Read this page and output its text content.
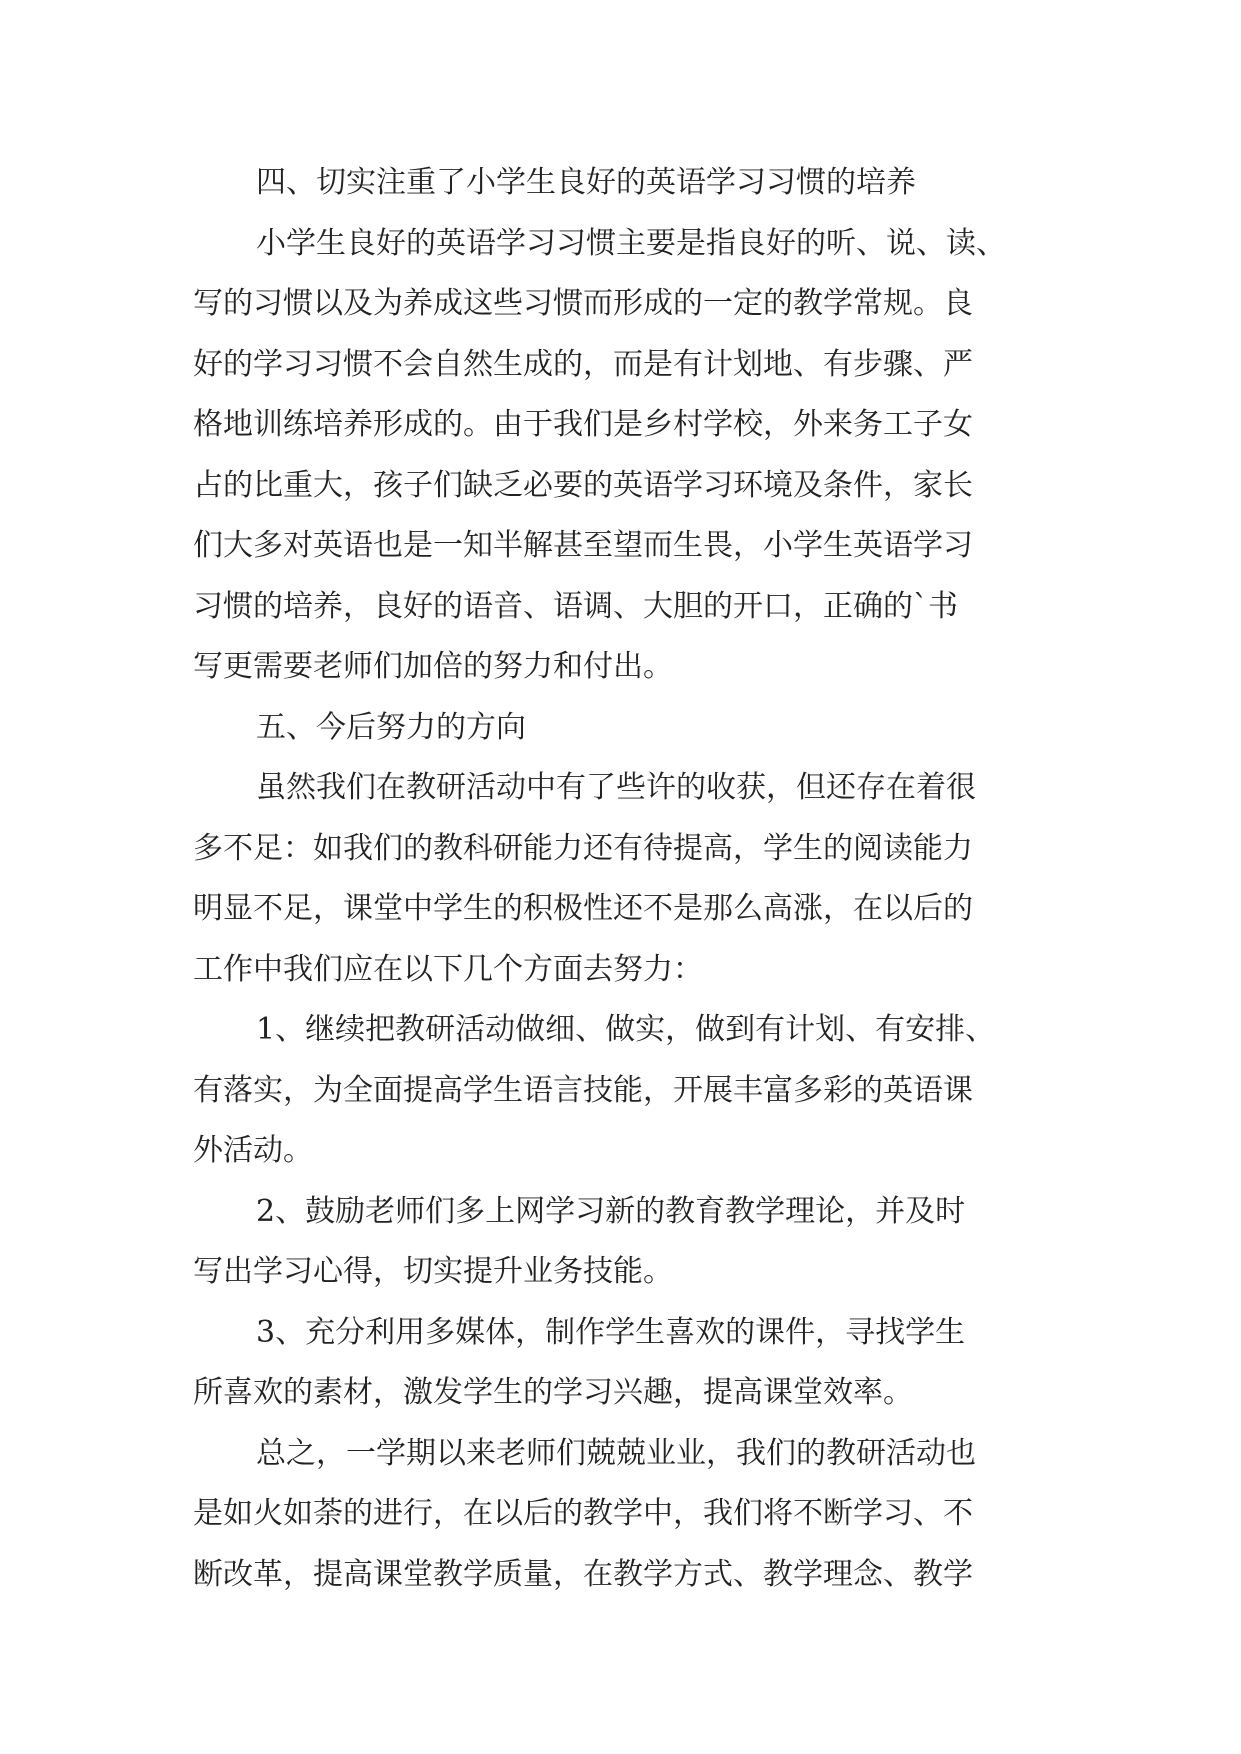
四、切实注重了小学生良好的英语学习习惯的培养
小学生良好的英语学习习惯主要是指良好的听、说、读、
写的习惯以及为养成这些习惯而形成的一定的教学常规。良
好的学习习惯不会自然生成的，而是有计划地、有步骤、严
格地训练培养形成的。由于我们是乡村学校，外来务工子女
占的比重大，孩子们缺乏必要的英语学习环境及条件，家长
们大多对英语也是一知半解甚至望而生畏，小学生英语学习
习惯的培养，良好的语音、语调、大胆的开口，正确的`书
写更需要老师们加倍的努力和付出。
五、今后努力的方向
虽然我们在教研活动中有了些许的收获，但还存在着很
多不足：如我们的教科研能力还有待提高，学生的阅读能力
明显不足，课堂中学生的积极性还不是那么高涨，在以后的
工作中我们应在以下几个方面去努力：
1、继续把教研活动做细、做实，做到有计划、有安排、
有落实，为全面提高学生语言技能，开展丰富多彩的英语课
外活动。
2、鼓励老师们多上网学习新的教育教学理论，并及时
写出学习心得，切实提升业务技能。
3、充分利用多媒体，制作学生喜欢的课件，寻找学生
所喜欢的素材，激发学生的学习兴趣，提高课堂效率。
总之，一学期以来老师们兢兢业业，我们的教研活动也
是如火如荼的进行，在以后的教学中，我们将不断学习、不
断改革，提高课堂教学质量，在教学方式、教学理念、教学
